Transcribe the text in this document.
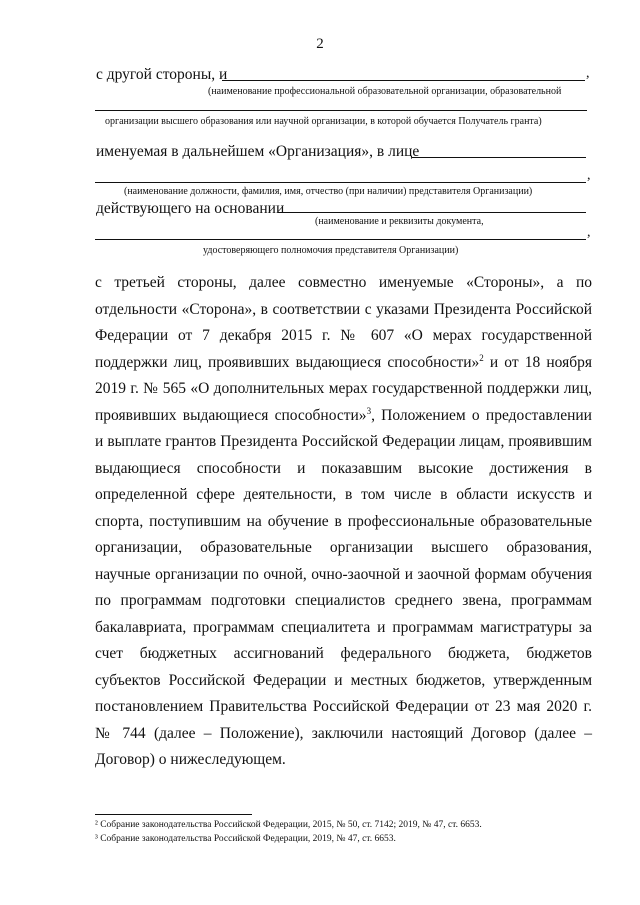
2
с другой стороны, и	,
(наименование профессиональной образовательной организации, образовательной
организации высшего образования или научной организации, в которой обучается Получатель гранта)
именуемая в дальнейшем «Организация», в лице
,
(наименование должности, фамилия, имя, отчество (при наличии) представителя Организации)
действующего на основании
(наименование и реквизиты документа,
,
удостоверяющего полномочия представителя Организации)
с третьей стороны, далее совместно именуемые «Стороны», а по отдельности «Сторона», в соответствии с указами Президента Российской Федерации от 7 декабря 2015 г. № 607 «О мерах государственной поддержки лиц, проявивших выдающиеся способности»$^2$ и от 18 ноября 2019 г. № 565 «О дополнительных мерах государственной поддержки лиц, проявивших выдающиеся способности»$^3$, Положением о предоставлении и выплате грантов Президента Российской Федерации лицам, проявившим выдающиеся способности и показавшим высокие достижения в определенной сфере деятельности, в том числе в области искусств и спорта, поступившим на обучение в профессиональные образовательные организации, образовательные организации высшего образования, научные организации по очной, очно-заочной и заочной формам обучения по программам подготовки специалистов среднего звена, программам бакалавриата, программам специалитета и программам магистратуры за счет бюджетных ассигнований федерального бюджета, бюджетов субъектов Российской Федерации и местных бюджетов, утвержденным постановлением Правительства Российской Федерации от 23 мая 2020 г. № 744 (далее – Положение), заключили настоящий Договор (далее – Договор) о нижеследующем.
² Собрание законодательства Российской Федерации, 2015, № 50, ст. 7142; 2019, № 47, ст. 6653.
³ Собрание законодательства Российской Федерации, 2019, № 47, ст. 6653.
